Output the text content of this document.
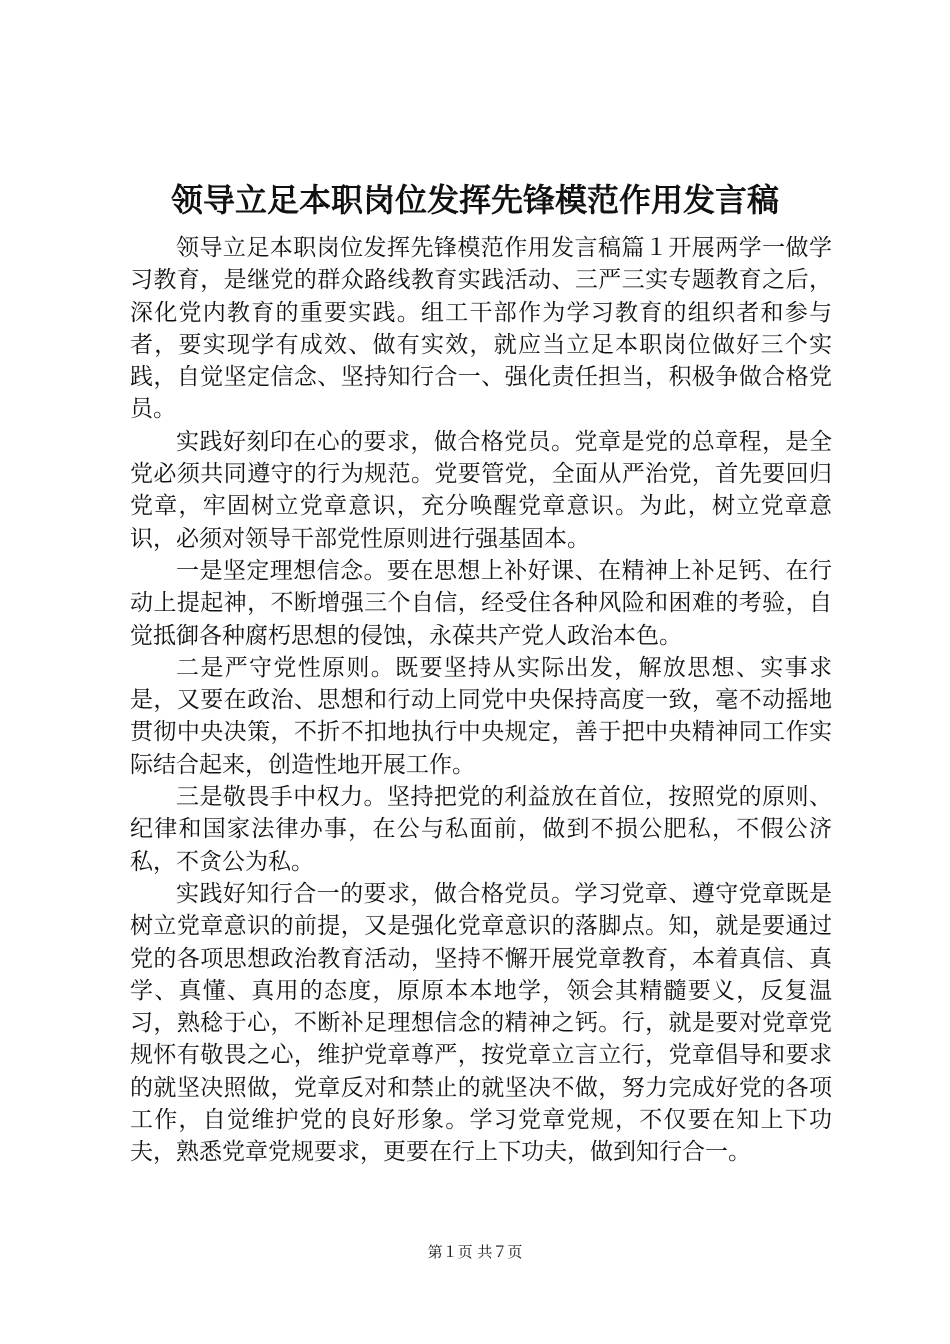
领导立足本职岗位发挥先锋模范作用发言稿

领导立足本职岗位发挥先锋模范作用发言稿篇１开展两学一做学习教育，是继党的群众路线教育实践活动、三严三实专题教育之后，深化党内教育的重要实践。组工干部作为学习教育的组织者和参与者，要实现学有成效、做有实效，就应当立足本职岗位做好三个实践，自觉坚定信念、坚持知行合一、强化责任担当，积极争做合格党员。

实践好刻印在心的要求，做合格党员。党章是党的总章程，是全党必须共同遵守的行为规范。党要管党，全面从严治党，首先要回归党章，牢固树立党章意识，充分唤醒党章意识。为此，树立党章意识，必须对领导干部党性原则进行强基固本。

一是坚定理想信念。要在思想上补好课、在精神上补足钙、在行动上提起神，不断增强三个自信，经受住各种风险和困难的考验，自觉抵御各种腐朽思想的侵蚀，永葆共产党人政治本色。

二是严守党性原则。既要坚持从实际出发，解放思想、实事求是，又要在政治、思想和行动上同党中央保持高度一致，毫不动摇地贯彻中央决策，不折不扣地执行中央规定，善于把中央精神同工作实际结合起来，创造性地开展工作。

三是敬畏手中权力。坚持把党的利益放在首位，按照党的原则、纪律和国家法律办事，在公与私面前，做到不损公肥私，不假公济私，不贪公为私。

实践好知行合一的要求，做合格党员。学习党章、遵守党章既是树立党章意识的前提，又是强化党章意识的落脚点。知，就是要通过党的各项思想政治教育活动，坚持不懈开展党章教育，本着真信、真学、真懂、真用的态度，原原本本地学，领会其精髓要义，反复温习，熟稔于心，不断补足理想信念的精神之钙。行，就是要对党章党规怀有敬畏之心，维护党章尊严，按党章立言立行，党章倡导和要求的就坚决照做，党章反对和禁止的就坚决不做，努力完成好党的各项工作，自觉维护党的良好形象。学习党章党规，不仅要在知上下功夫，熟悉党章党规要求，更要在行上下功夫，做到知行合一。

第１页 共７页
